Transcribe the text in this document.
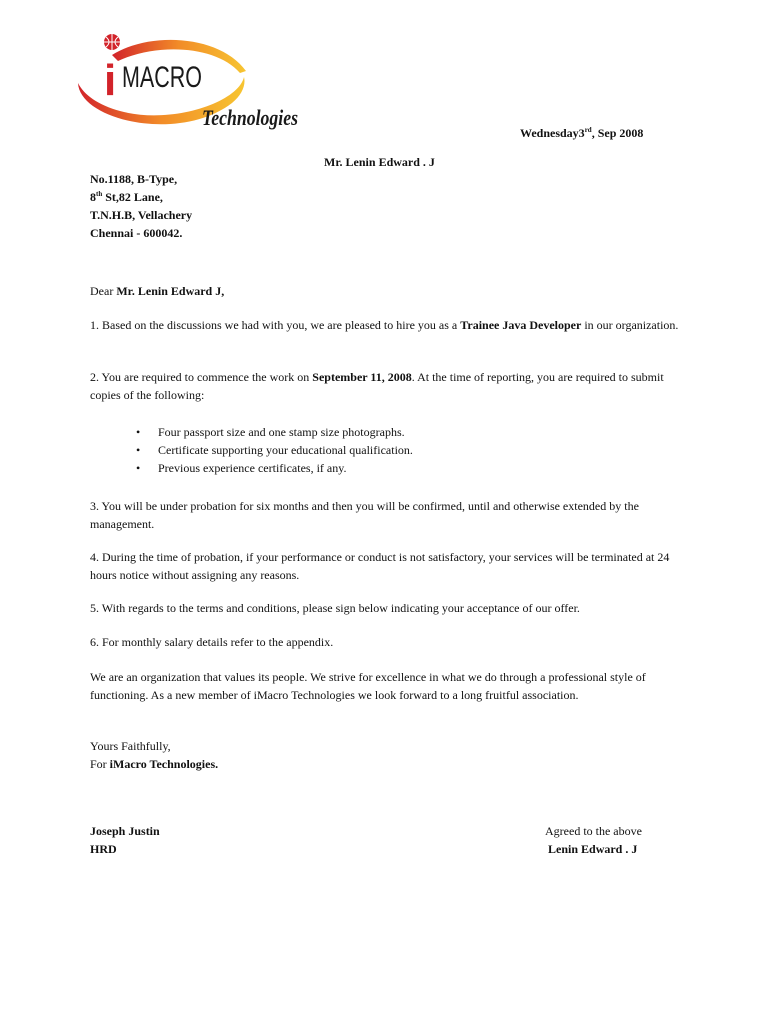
i MACRO
Technologies
Wednesday3rd, Sep 2008
Mr. Lenin Edward . J
No.1188, B-Type,
8th St,82 Lane,
T.N.H.B, Vellachery
Chennai - 600042.
Dear Mr. Lenin Edward J,
1. Based on the discussions we had with you, we are pleased to hire you as a Trainee Java Developer in our organization.
2. You are required to commence the work on September 11, 2008. At the time of reporting, you are required to submit copies of the following:
• Four passport size and one stamp size photographs.
• Certificate supporting your educational qualification.
• Previous experience certificates, if any.
3. You will be under probation for six months and then you will be confirmed, until and otherwise extended by the management.
4. During the time of probation, if your performance or conduct is not satisfactory, your services will be terminated at 24 hours notice without assigning any reasons.
5. With regards to the terms and conditions, please sign below indicating your acceptance of our offer.
6. For monthly salary details refer to the appendix.
We are an organization that values its people. We strive for excellence in what we do through a professional style of functioning. As a new member of iMacro Technologies we look forward to a long fruitful association.
Yours Faithfully,
For iMacro Technologies.
Joseph Justin
HRD
Agreed to the above
Lenin Edward . J
